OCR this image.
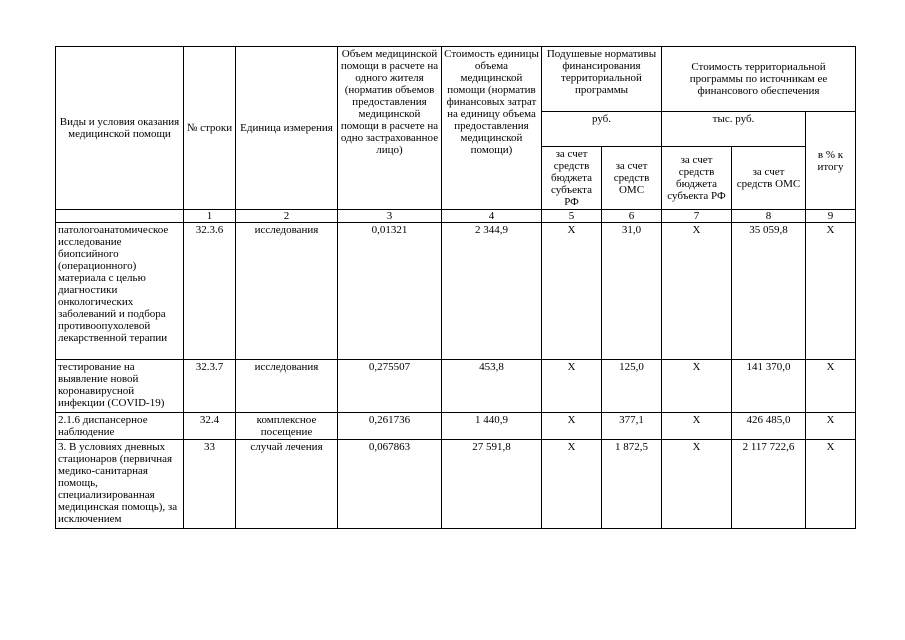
Виды и условия оказания медицинской помощи	№ строки	Единица измерения	Объем медицинской помощи в расчете на одного жителя (норматив объемов предоставления медицинской помощи в расчете на одно застрахованное лицо)	Стоимость единицы объема медицинской помощи (норматив финансовых затрат на единицу объема предоставления медицинской помощи)	Подушевые нормативы финансирования территориальной программы		Стоимость территориальной программы по источникам ее финансового обеспечения		
					руб.		тыс. руб.		в % к итогу
					за счет средств бюджета субъекта РФ	за счет средств ОМС	за счет средств бюджета субъекта РФ	за счет средств ОМС	
	1	2	3	4	5	6	7	8	9
патологоанатомическое исследование биопсийного (операционного) материала с целью диагностики онкологических заболеваний и подбора противоопухолевой лекарственной терапии	32.3.6	исследования	0,01321	2 344,9	Х	31,0	Х	35 059,8	Х
тестирование на выявление новой коронавирусной инфекции (COVID-19)	32.3.7	исследования	0,275507	453,8	Х	125,0	Х	141 370,0	Х
2.1.6 диспансерное наблюдение	32.4	комплексное посещение	0,261736	1 440,9	Х	377,1	Х	426 485,0	Х
3. В условиях дневных стационаров (первичная медико-санитарная помощь, специализированная медицинская помощь), за исключением	33	случай лечения	0,067863	27 591,8	Х	1 872,5	Х	2 117 722,6	Х
